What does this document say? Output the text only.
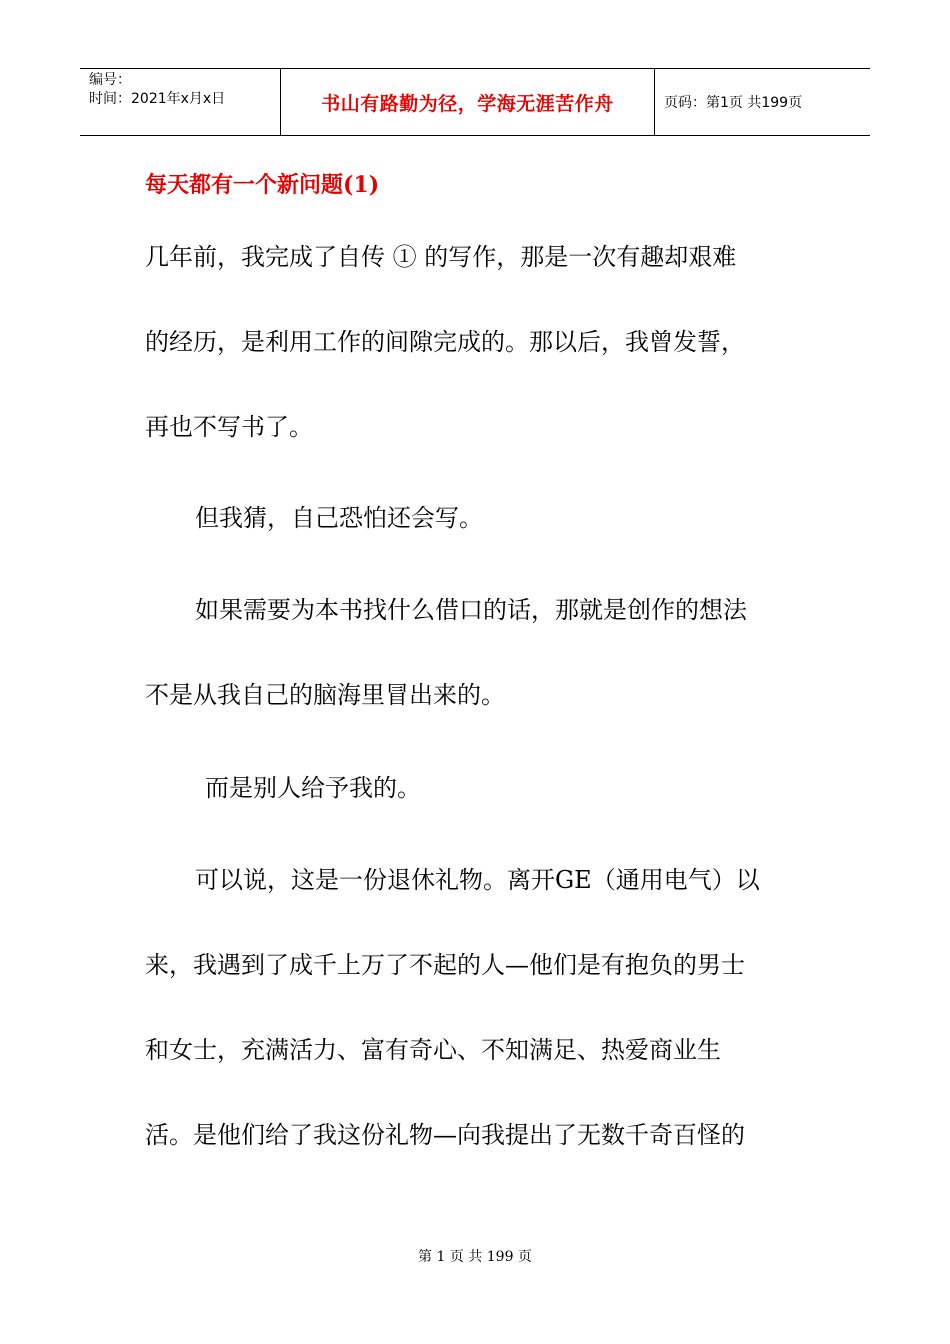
编号：
时间：2021年x月x日	书山有路勤为径，学海无涯苦作舟	页码：第1页 共199页
每天都有一个新问题(1)
几年前，我完成了自传 ① 的写作，那是一次有趣却艰难
的经历，是利用工作的间隙完成的。那以后，我曾发誓，
再也不写书了。
但我猜，自己恐怕还会写。
如果需要为本书找什么借口的话，那就是创作的想法
不是从我自己的脑海里冒出来的。
而是别人给予我的。
可以说，这是一份退休礼物。离开GE（通用电气）以
来，我遇到了成千上万了不起的人—他们是有抱负的男士
和女士，充满活力、富有奇心、不知满足、热爱商业生
活。是他们给了我这份礼物—向我提出了无数千奇百怪的
第 1 页 共 199 页
